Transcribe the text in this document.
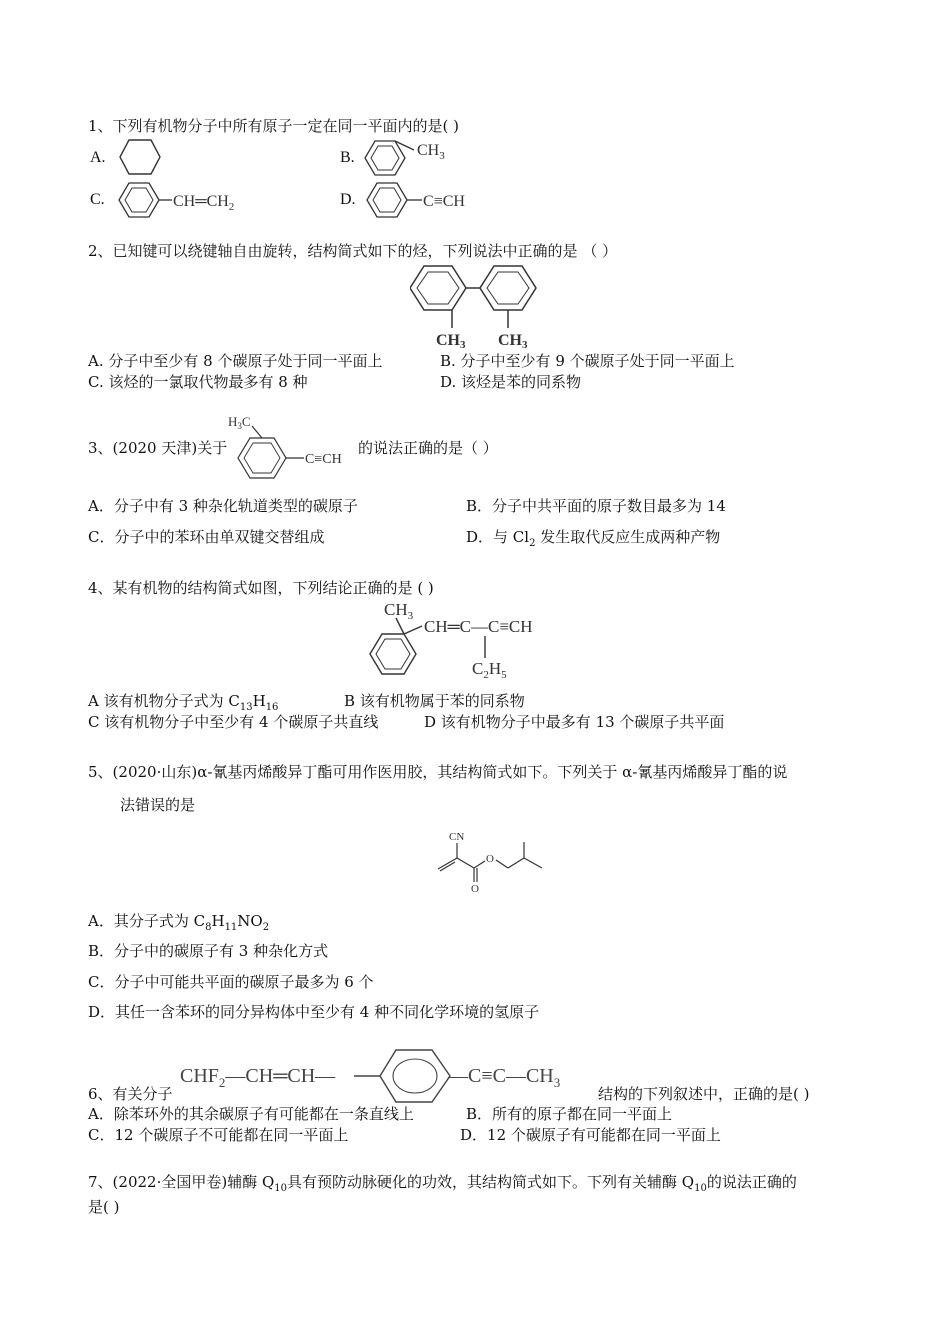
1、下列有机物分子中所有原子一定在同一平面内的是( )
A.	B.	$CH_3$
C.	$CH═CH_2$	D.	C≡CH
2、已知键可以绕键轴自由旋转，结构简式如下的烃，下列说法中正确的是 （ ）
CH3 CH3
A. 分子中至少有 8 个碳原子处于同一平面上	B. 分子中至少有 9 个碳原子处于同一平面上
C. 该烃的一氯取代物最多有 8 种	D. 该烃是苯的同系物
3、(2020 天津)关于
$H_3C$
C≡CH
的说法正确的是（ ）
A．分子中有 3 种杂化轨道类型的碳原子	B．分子中共平面的原子数目最多为 14
C．分子中的苯环由单双键交替组成	D．与 $Cl_2$ 发生取代反应生成两种产物
4、某有机物的结构简式如图，下列结论正确的是 ( )
$CH_3$
CH═C—C≡CH
$C_2H_5$
A 该有机物分子式为 $C_{13}H_{16}$	B 该有机物属于苯的同系物
C 该有机物分子中至少有 4 个碳原子共直线	D 该有机物分子中最多有 13 个碳原子共平面
5、(2020·山东)α-氰基丙烯酸异丁酯可用作医用胶，其结构简式如下。下列关于 α-氰基丙烯酸异丁酯的说
法错误的是
CN
O
O
A．其分子式为 $C_8H_{11}NO_2$
B．分子中的碳原子有 3 种杂化方式
C．分子中可能共平面的碳原子最多为 6 个
D．其任一含苯环的同分异构体中至少有 4 种不同化学环境的氢原子
6、有关分子
$CHF_2—CH═CH—$	$—C\equiv C—CH_3$
结构的下列叙述中，正确的是( )
A．除苯环外的其余碳原子有可能都在一条直线上	B．所有的原子都在同一平面上
C．12 个碳原子不可能都在同一平面上	D．12 个碳原子有可能都在同一平面上
7、(2022·全国甲卷)辅酶 $Q_{10}$具有预防动脉硬化的功效，其结构简式如下。下列有关辅酶 $Q_{10}$的说法正确的
是( )
